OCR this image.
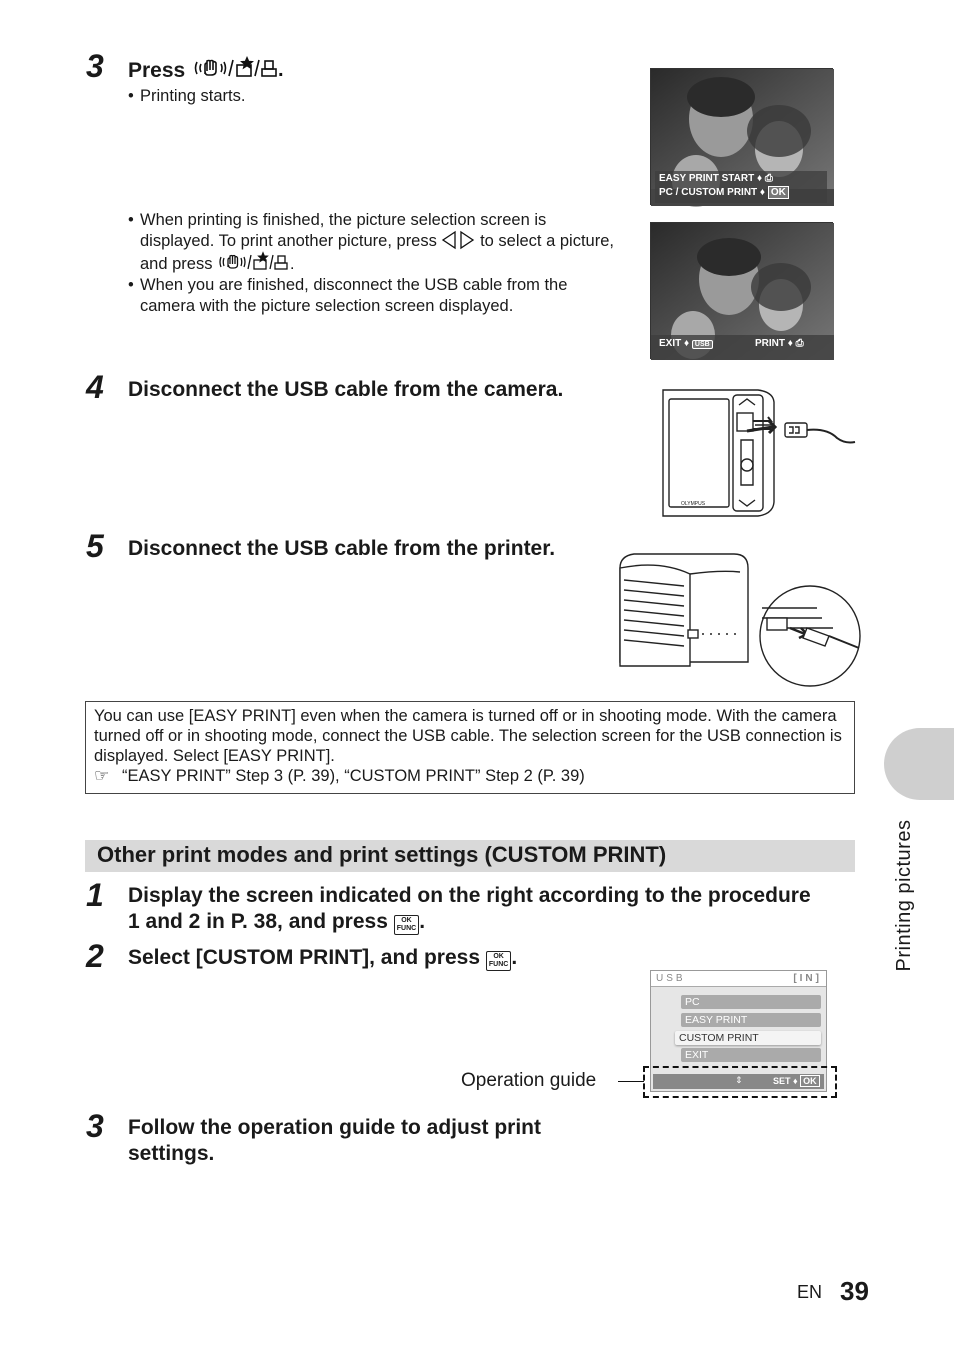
3 Press	.
• Printing starts.
• When printing is finished, the picture selection screen is displayed. To print another picture, press	to select a picture, and press	.
• When you are finished, disconnect the USB cable from the camera with the picture selection screen displayed.
EASY PRINT START ♦ ⎙
PC / CUSTOM PRINT ♦ OK
EXIT ♦ USB	PRINT ♦ ⎙
4 Disconnect the USB cable from the camera.
OLYMPUS
5 Disconnect the USB cable from the printer.
You can use [EASY PRINT] even when the camera is turned off or in shooting mode. With the camera turned off or in shooting mode, connect the USB cable. The selection screen for the USB connection is displayed. Select [EASY PRINT].
☞ “EASY PRINT” Step 3 (P. 39), “CUSTOM PRINT” Step 2 (P. 39)
Other print modes and print settings (CUSTOM PRINT)
1 Display the screen indicated on the right according to the procedure
1 and 2 in P. 38, and press OK
FUNC .
2 Select [CUSTOM PRINT], and press OK
FUNC .
USB	[IN]
PC
EASY PRINT
CUSTOM PRINT
EXIT
⇕	SET ♦ OK
Operation guide
3 Follow the operation guide to adjust print
settings.
Printing pictures
EN 39
